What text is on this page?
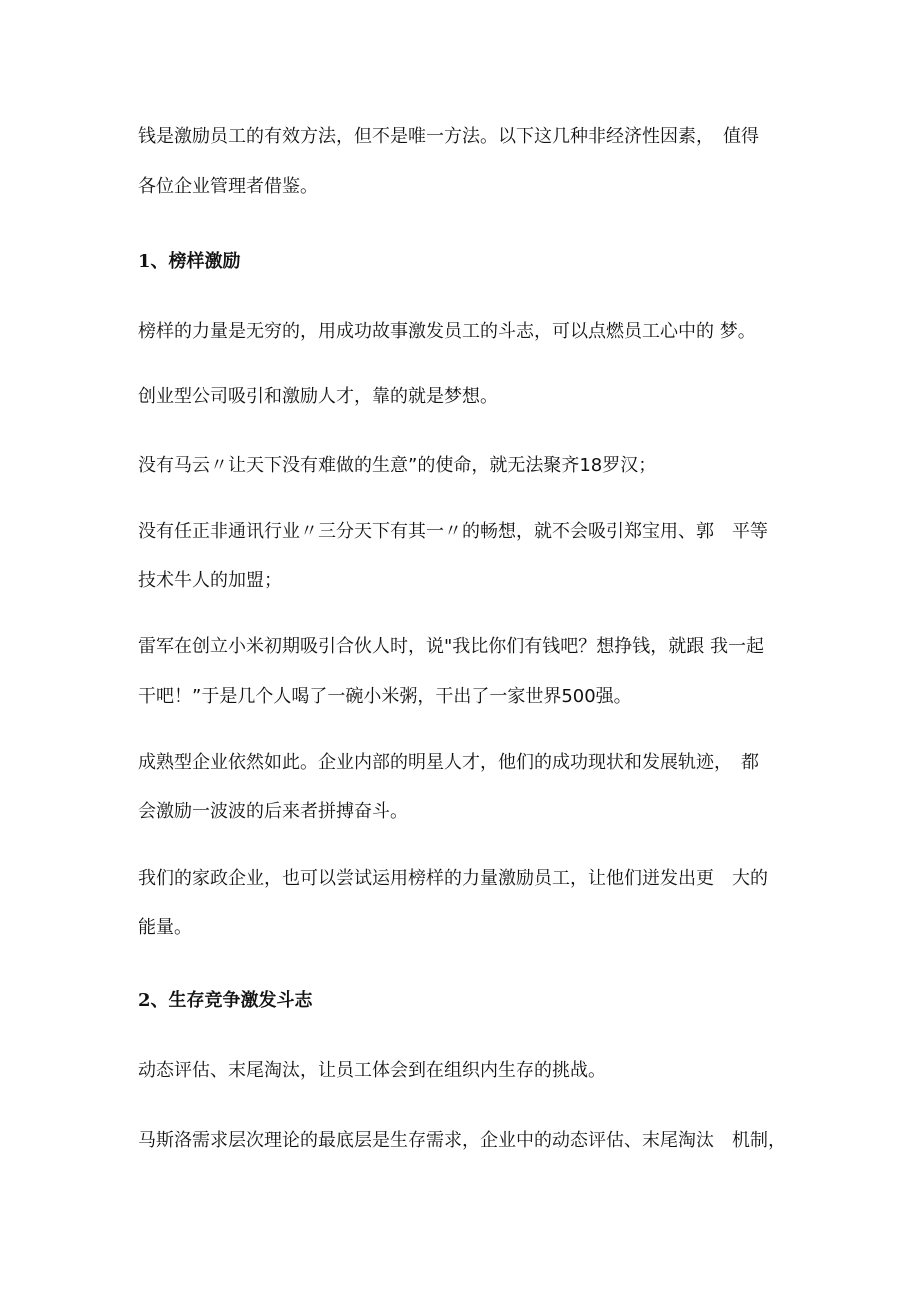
钱是激励员工的有效方法，但不是唯一方法。以下这几种非经济性因素，　值得
各位企业管理者借鉴。
1、榜样激励
榜样的力量是无穷的，用成功故事激发员工的斗志，可以点燃员工心中的 梦。
创业型公司吸引和激励人才，靠的就是梦想。
没有马云〃让天下没有难做的生意”的使命，就无法聚齐18罗汉；
没有任正非通讯行业〃三分天下有其一〃的畅想，就不会吸引郑宝用、郭　平等
技术牛人的加盟；
雷军在创立小米初期吸引合伙人时，说"我比你们有钱吧？想挣钱，就跟 我一起
干吧！”于是几个人喝了一碗小米粥，干出了一家世界500强。
成熟型企业依然如此。企业内部的明星人才，他们的成功现状和发展轨迹，　都
会激励一波波的后来者拼搏奋斗。
我们的家政企业，也可以尝试运用榜样的力量激励员工，让他们迸发出更　大的
能量。
2、生存竞争激发斗志
动态评估、末尾淘汰，让员工体会到在组织内生存的挑战。
马斯洛需求层次理论的最底层是生存需求，企业中的动态评估、末尾淘汰　机制，
